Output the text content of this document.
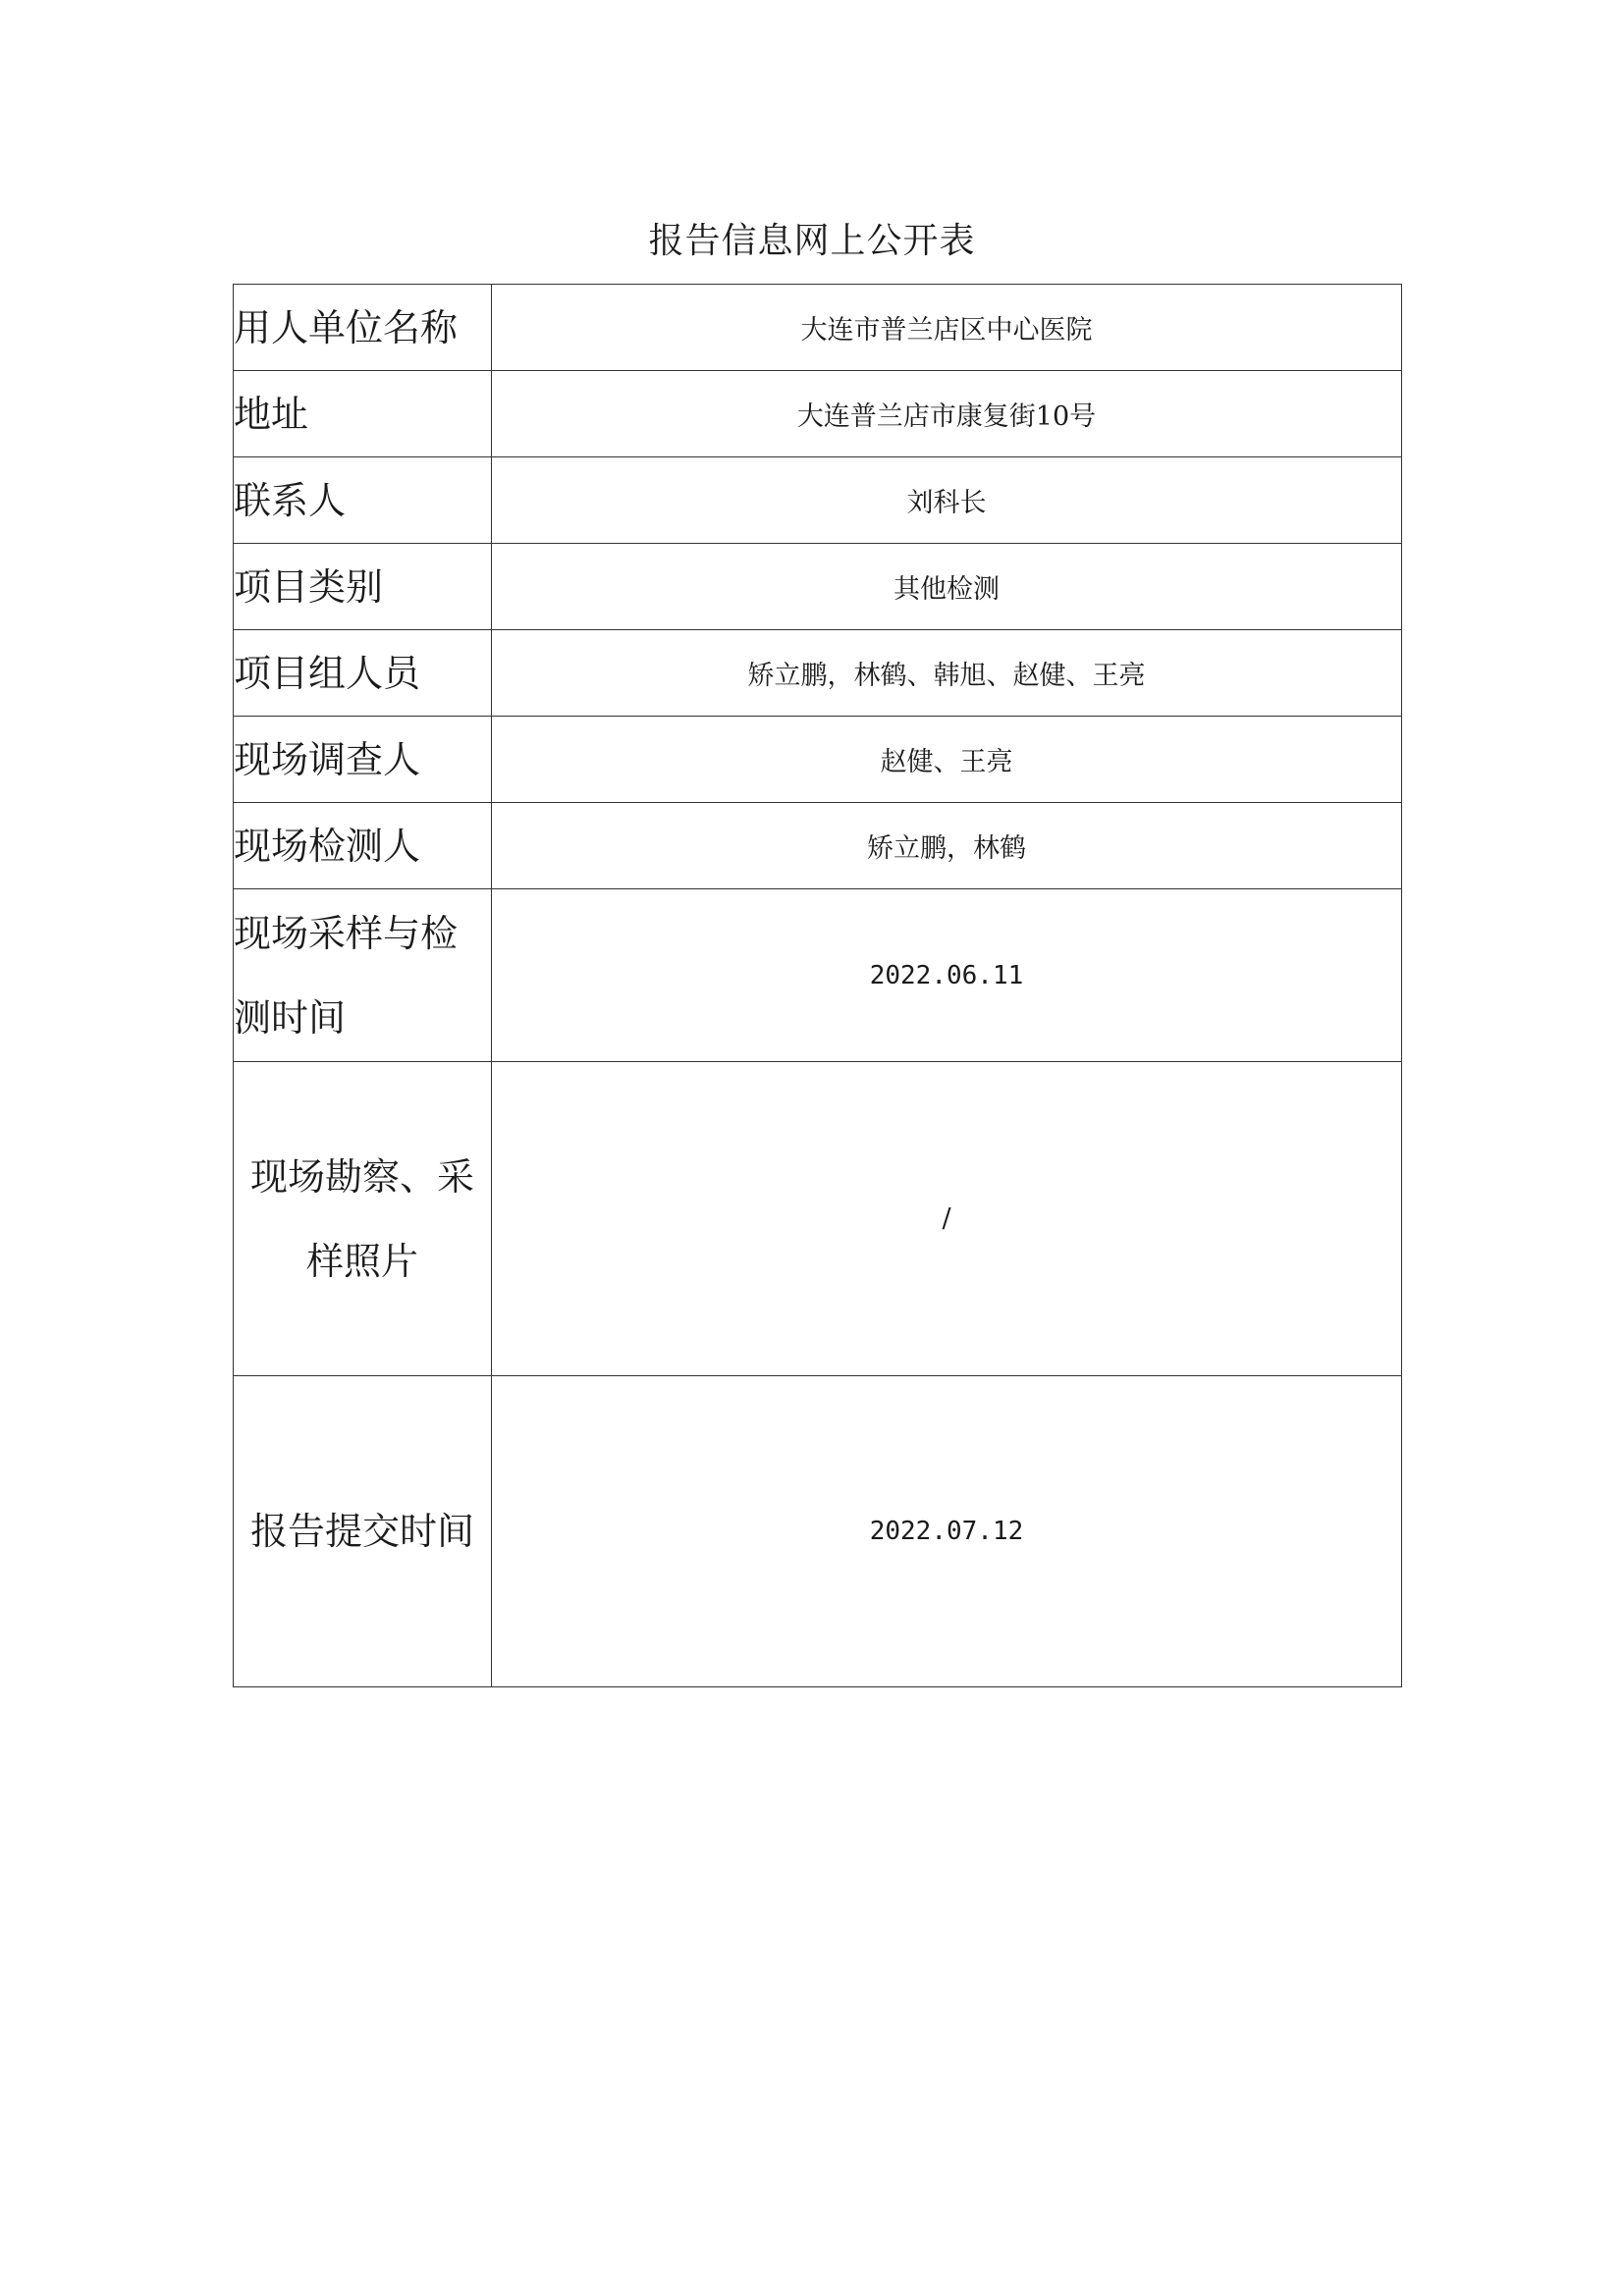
报告信息网上公开表
用人单位名称	大连市普兰店区中心医院
地址	大连普兰店市康复街10号
联系人	刘科长
项目类别	其他检测
项目组人员	矫立鹏，林鹤、韩旭、赵健、王亮
现场调查人	赵健、王亮
现场检测人	矫立鹏，林鹤
现场采样与检测时间	2022.06.11
现场勘察、采样照片	/
报告提交时间	2022.07.12
